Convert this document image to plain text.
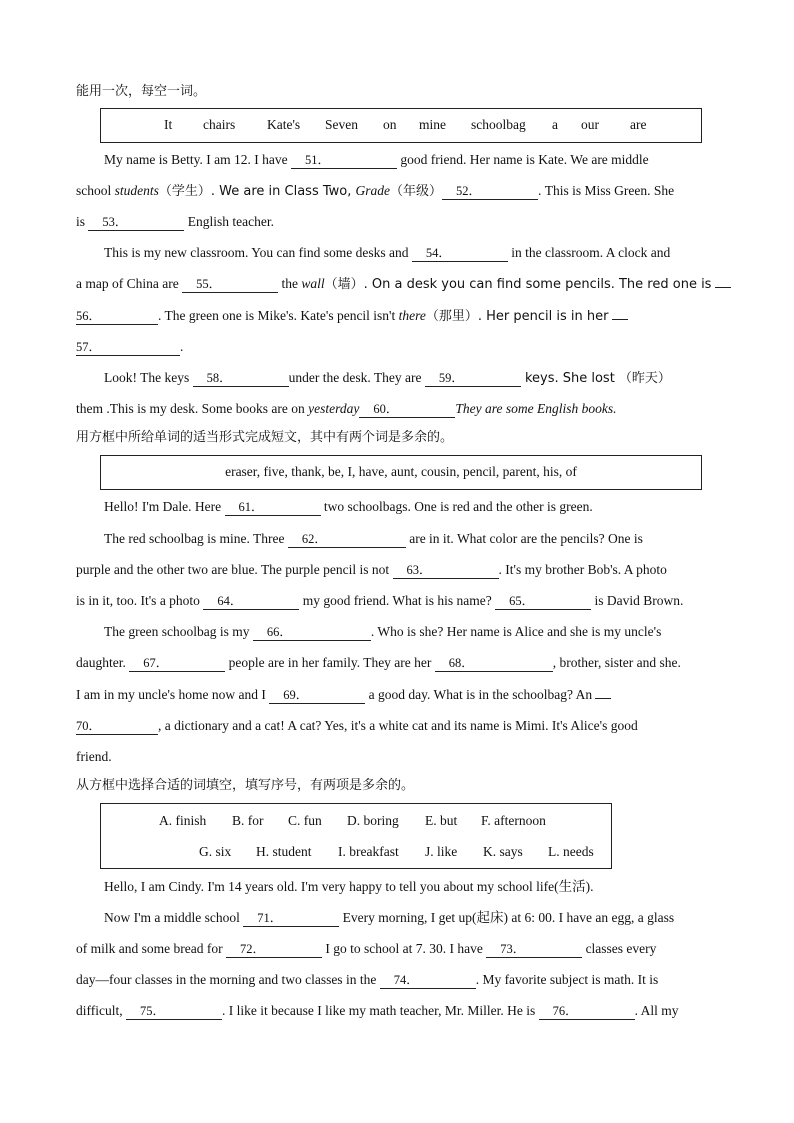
能用一次，每空一词。
It chairs Kate's Seven on mine schoolbag a our are
My name is Betty. I am 12. I have 51．	good friend. Her name is Kate. We are middle
school students（学生）. We are in Class Two, Grade（年级） 52．	. This is Miss Green. She
is 53．	English teacher.
This is my new classroom. You can find some desks and 54．	in the classroom. A clock and
a map of China are 55．	the wall（墙）. On a desk you can find some pencils. The red one is
56．	. The green one is Mike's. Kate's pencil isn't there（那里）. Her pencil is in her
57．	.
Look! The keys 58．	under the desk. They are 59．	keys. She lost （昨天）
them .This is my desk. Some books are on yesterday 60．	They are some English books.
用方框中所给单词的适当形式完成短文，其中有两个词是多余的。
eraser, five, thank, be, I, have, aunt, cousin, pencil, parent, his, of
Hello! I'm Dale. Here 61．	two schoolbags. One is red and the other is green.
The red schoolbag is mine. Three 62．	are in it. What color are the pencils? One is
purple and the other two are blue. The purple pencil is not 63．	. It's my brother Bob's. A photo
is in it, too. It's a photo 64．	my good friend. What is his name? 65．	is David Brown.
The green schoolbag is my 66．	. Who is she? Her name is Alice and she is my uncle's
daughter. 67．	people are in her family. They are her 68．	, brother, sister and she.
I am in my uncle's home now and I 69．	a good day. What is in the schoolbag? An
70．	, a dictionary and a cat! A cat? Yes, it's a white cat and its name is Mimi. It's Alice's good
friend.
从方框中选择合适的词填空，填写序号，有两项是多余的。
A. finish B. for C. fun D. boring E. but F. afternoon
G. six H. student I. breakfast J. like K. says L. needs
Hello, I am Cindy. I'm 14 years old. I'm very happy to tell you about my school life(生活).
Now I'm a middle school 71．	Every morning, I get up(起床) at 6: 00. I have an egg, a glass
of milk and some bread for 72．	I go to school at 7. 30. I have 73．	classes every
day—four classes in the morning and two classes in the 74．	. My favorite subject is math. It is
difficult, 75．	. I like it because I like my math teacher, Mr. Miller. He is 76．	. All my
